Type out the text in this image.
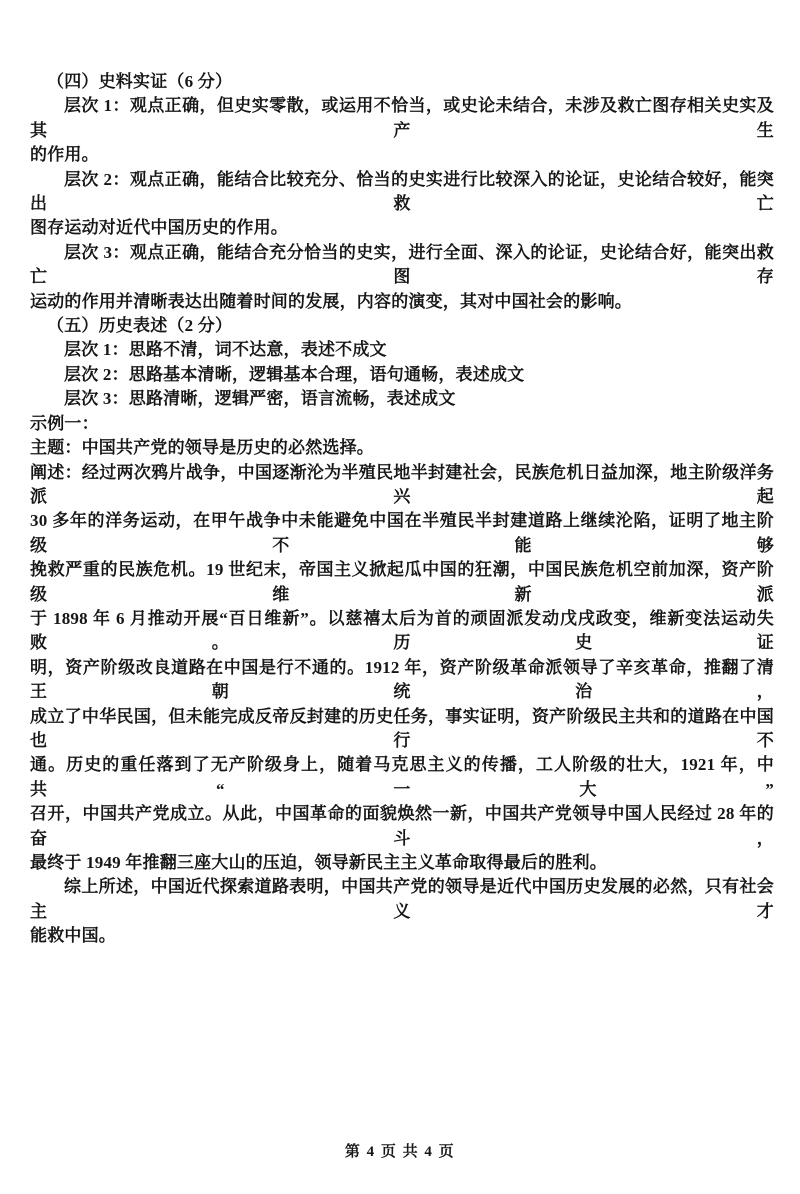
（四）史料实证（6 分）
层次 1：观点正确，但史实零散，或运用不恰当，或史论未结合，未涉及救亡图存相关史实及其产生
的作用。
层次 2：观点正确，能结合比较充分、恰当的史实进行比较深入的论证，史论结合较好，能突出救亡
图存运动对近代中国历史的作用。
层次 3：观点正确，能结合充分恰当的史实，进行全面、深入的论证，史论结合好，能突出救亡图存
运动的作用并清晰表达出随着时间的发展，内容的演变，其对中国社会的影响。
（五）历史表述（2 分）
层次 1：思路不清，词不达意，表述不成文
层次 2：思路基本清晰，逻辑基本合理，语句通畅，表述成文
层次 3：思路清晰，逻辑严密，语言流畅，表述成文
示例一：
主题：中国共产党的领导是历史的必然选择。
阐述：经过两次鸦片战争，中国逐渐沦为半殖民地半封建社会，民族危机日益加深，地主阶级洋务派兴起
30 多年的洋务运动，在甲午战争中未能避免中国在半殖民半封建道路上继续沦陷，证明了地主阶级不能够
挽救严重的民族危机。19 世纪末，帝国主义掀起瓜中国的狂潮，中国民族危机空前加深，资产阶级维新派
于 1898 年 6 月推动开展“百日维新”。以慈禧太后为首的顽固派发动戊戌政变，维新变法运动失败。历史证
明，资产阶级改良道路在中国是行不通的。1912 年，资产阶级革命派领导了辛亥革命，推翻了清王朝统治，
成立了中华民国，但未能完成反帝反封建的历史任务，事实证明，资产阶级民主共和的道路在中国也行不
通。历史的重任落到了无产阶级身上，随着马克思主义的传播，工人阶级的壮大，1921 年，中共“一大”
召开，中国共产党成立。从此，中国革命的面貌焕然一新，中国共产党领导中国人民经过 28 年的奋斗，
最终于 1949 年推翻三座大山的压迫，领导新民主主义革命取得最后的胜利。
综上所述，中国近代探索道路表明，中国共产党的领导是近代中国历史发展的必然，只有社会主义才
能救中国。
第 4 页 共 4 页
